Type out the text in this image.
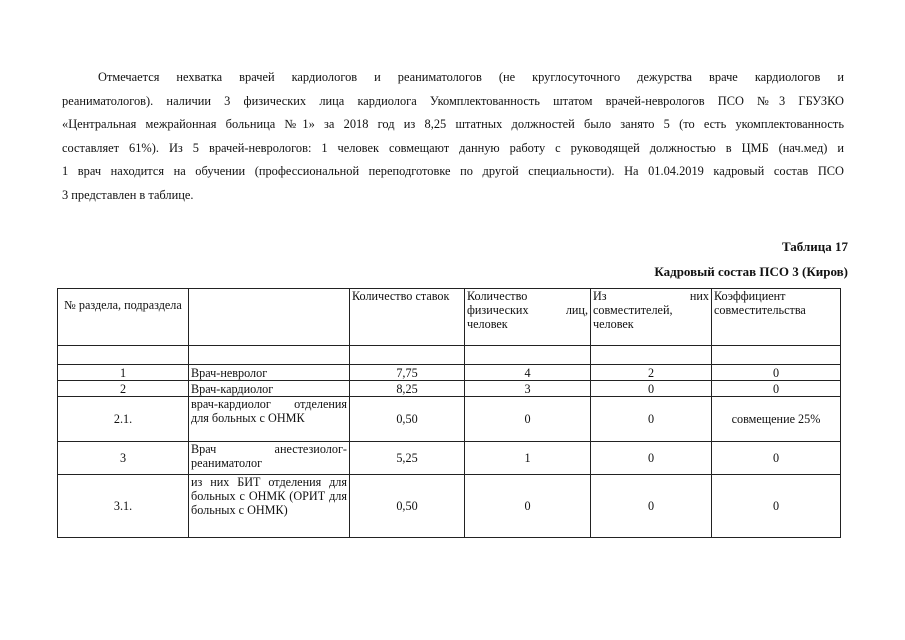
Отмечается нехватка врачей кардиологов и реаниматологов (не круглосуточного дежурства враче кардиологов и
реаниматологов). наличии 3 физических лица кардиолога Укомплектованность штатом врачей-неврологов ПСО №3 ГБУЗКО
«Центральная межрайонная больница №1» за 2018 год из 8,25 штатных должностей было занято 5 (то есть укомплектованность
составляет 61%). Из 5 врачей-неврологов: 1 человек совмещают данную работу с руководящей должностью в ЦМБ (нач.мед) и
1 врач находится на обучении (профессиональной переподготовке по другой специальности). На 01.04.2019 кадровый состав ПСО
3 представлен в таблице.

Таблица 17
Кадровый состав ПСО 3 (Киров)
№ раздела, подраздела		Количество ставок	Количество физических лиц, человек	Из них совместителей, человек	Коэффициент совместительства

1	Врач-невролог	7,75	4	2	0
2	Врач-кардиолог	8,25	3	0	0
2.1.	врач-кардиолог отделения для больных с ОНМК	0,50	0	0	совмещение 25%
3	Врач анестезиолог-реаниматолог	5,25	1	0	0
3.1.	из них БИТ отделения для больных с ОНМК (ОРИТ для больных с ОНМК)	0,50	0	0	0
